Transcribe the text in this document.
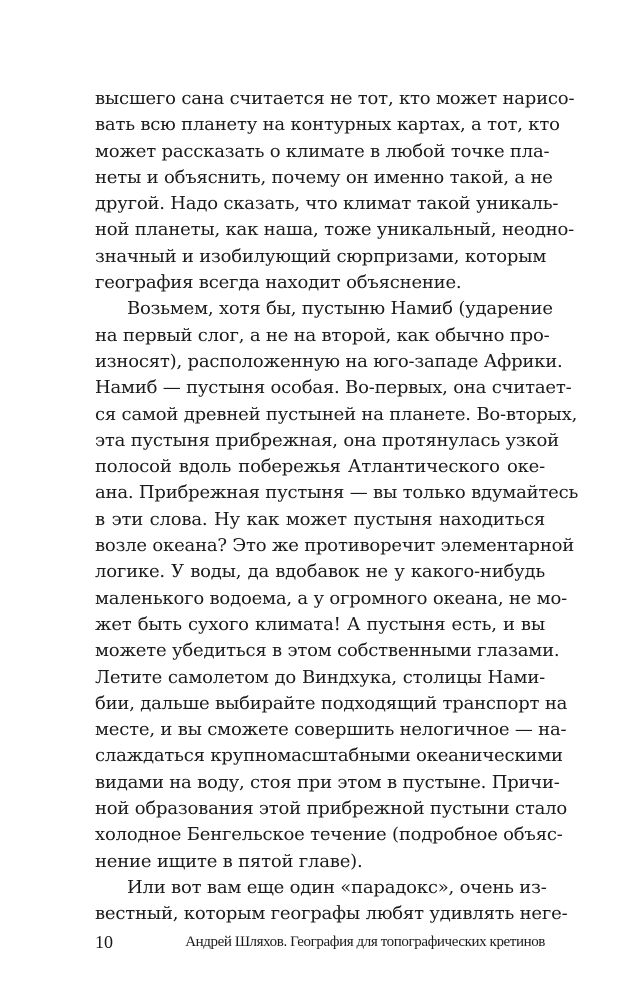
высшего сана считается не тот, кто может нарисо-
вать всю планету на контурных картах, а тот, кто
может рассказать о климате в любой точке пла-
неты и объяснить, почему он именно такой, а не
другой. Надо сказать, что климат такой уникаль-
ной планеты, как наша, тоже уникальный, неодно-
значный и изобилующий сюрпризами, которым
география всегда находит объяснение.
Возьмем, хотя бы, пустыню Намиб (ударение
на первый слог, а не на второй, как обычно про-
износят), расположенную на юго-западе Африки.
Намиб — пустыня особая. Во-первых, она считает-
ся самой древней пустыней на планете. Во-вторых,
эта пустыня прибрежная, она протянулась узкой
полосой вдоль побережья Атлантического оке-
ана. Прибрежная пустыня — вы только вдумайтесь
в эти слова. Ну как может пустыня находиться
возле океана? Это же противоречит элементарной
логике. У воды, да вдобавок не у какого-нибудь
маленького водоема, а у огромного океана, не мо-
жет быть сухого климата! А пустыня есть, и вы
можете убедиться в этом собственными глазами.
Летите самолетом до Виндхука, столицы Нами-
бии, дальше выбирайте подходящий транспорт на
месте, и вы сможете совершить нелогичное — на-
слаждаться крупномасштабными океаническими
видами на воду, стоя при этом в пустыне. Причи-
ной образования этой прибрежной пустыни стало
холодное Бенгельское течение (подробное объяс-
нение ищите в пятой главе).
Или вот вам еще один «парадокс», очень из-
вестный, которым географы любят удивлять неге-
10	Андрей Шляхов. География для топографических кретинов
